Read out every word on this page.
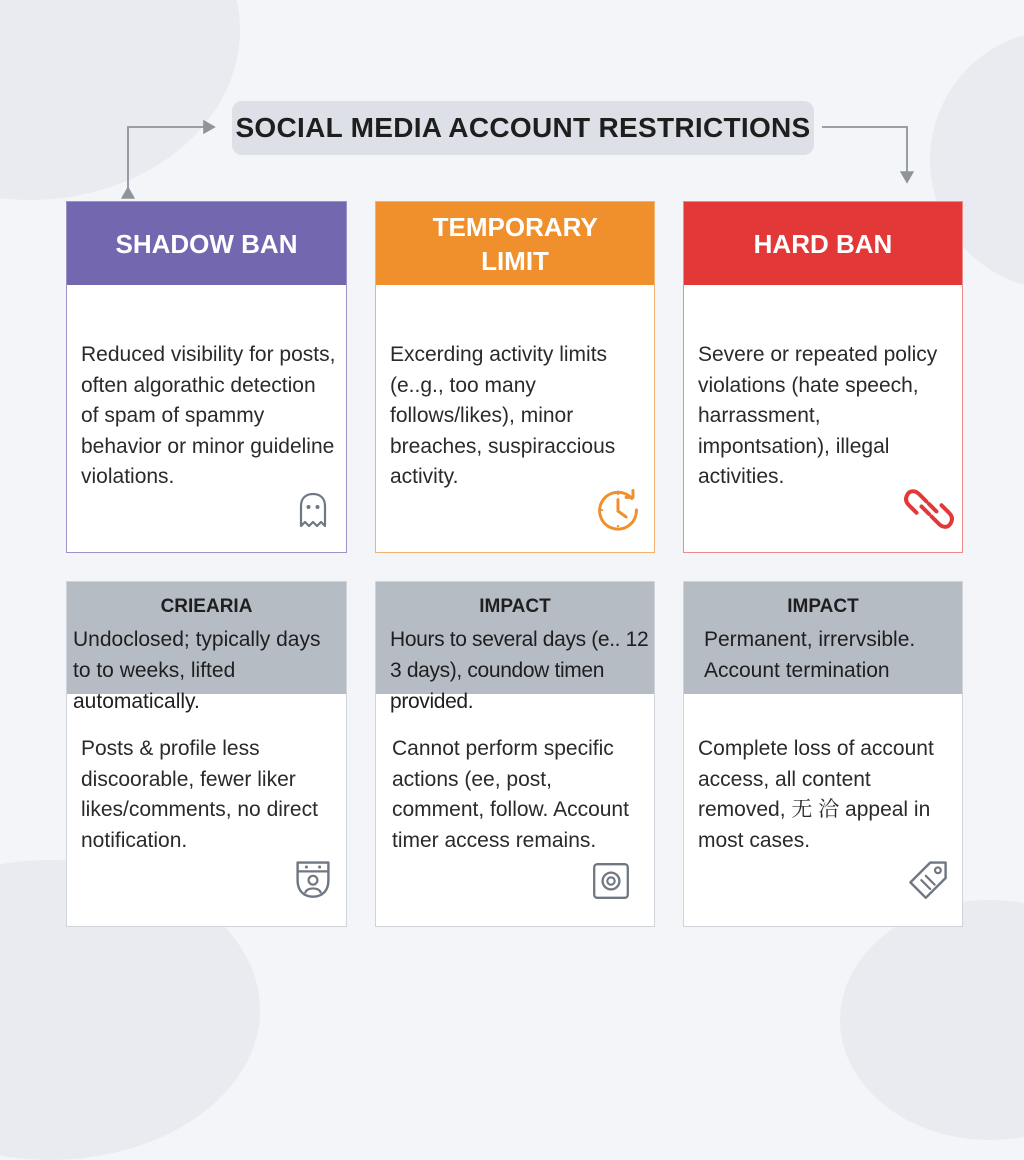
SOCIAL MEDIA ACCOUNT RESTRICTIONS
SHADOW BAN
Reduced visibility for posts, often algorathic detection of spam of spammy behavior or minor guideline violations.
TEMPORARY LIMIT
Excerding activity limits (e..g., too many follows/likes), minor breaches, suspiraccious activity.
HARD BAN
Severe or repeated policy violations (hate speech, harrassment, impontsation), illegal activities.
CRIEARIA
Undoclosed; typically days to to weeks, lifted automatically.
Posts & profile less discoorable, fewer liker likes/comments, no direct notification.
IMPACT
Hours to several days (e.. 12 3 days), coundow timen provided.
Cannot perform specific actions (ee, post, comment, follow. Account timer access remains.
IMPACT
Permanent, irrervsible. Account termination
Complete loss of account access, all content removed, 无 洽 appeal in most cases.
